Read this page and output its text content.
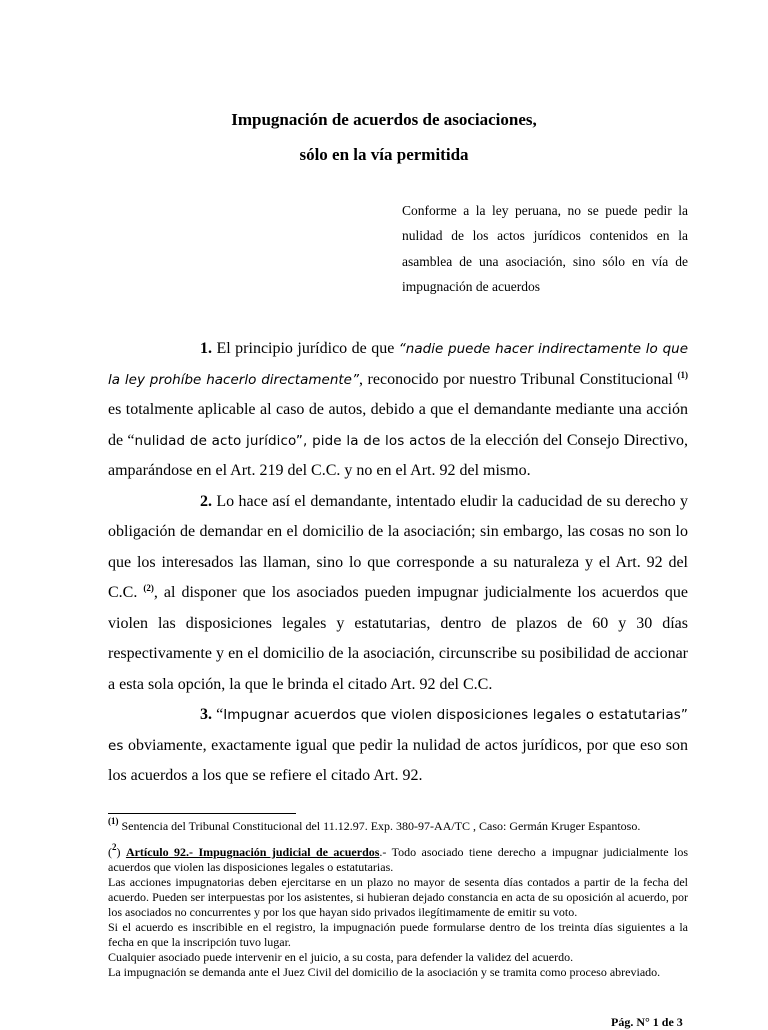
Impugnación de acuerdos de asociaciones,
sólo en la vía permitida
Conforme a la ley peruana, no se puede pedir la nulidad de los actos jurídicos contenidos en la asamblea de una asociación, sino sólo en vía de impugnación de acuerdos

1. El principio jurídico de que “nadie puede hacer indirectamente lo que la ley prohíbe hacerlo directamente”, reconocido por nuestro Tribunal Constitucional $^{(1)}$ es totalmente aplicable al caso de autos, debido a que el demandante mediante una acción de “nulidad de acto jurídico”, pide la de los actos de la elección del Consejo Directivo, amparándose en el Art. 219 del C.C. y no en el Art. 92 del mismo.

2. Lo hace así el demandante, intentado eludir la caducidad de su derecho y obligación de demandar en el domicilio de la asociación; sin embargo, las cosas no son lo que los interesados las llaman, sino lo que corresponde a su naturaleza y el Art. 92 del C.C. $^{(2)}$, al disponer que los asociados pueden impugnar judicialmente los acuerdos que violen las disposiciones legales y estatutarias, dentro de plazos de 60 y 30 días respectivamente y en el domicilio de la asociación, circunscribe su posibilidad de accionar a esta sola opción, la que le brinda el citado Art. 92 del C.C.

3. “Impugnar acuerdos que violen disposiciones legales o estatutarias” es obviamente, exactamente igual que pedir la nulidad de actos jurídicos, por que eso son los acuerdos a los que se refiere el citado Art. 92.

$^{(1)}$ Sentencia del Tribunal Constitucional del 11.12.97. Exp. 380-97-AA/TC , Caso: Germán Kruger Espantoso.
($^2$) Artículo 92.- Impugnación judicial de acuerdos.- Todo asociado tiene derecho a impugnar judicialmente los acuerdos que violen las disposiciones legales o estatutarias.
Las acciones impugnatorias deben ejercitarse en un plazo no mayor de sesenta días contados a partir de la fecha del acuerdo. Pueden ser interpuestas por los asistentes, si hubieran dejado constancia en acta de su oposición al acuerdo, por los asociados no concurrentes y por los que hayan sido privados ilegítimamente de emitir su voto.
Si el acuerdo es inscribible en el registro, la impugnación puede formularse dentro de los treinta días siguientes a la fecha en que la inscripción tuvo lugar.
Cualquier asociado puede intervenir en el juicio, a su costa, para defender la validez del acuerdo.
La impugnación se demanda ante el Juez Civil del domicilio de la asociación y se tramita como proceso abreviado.
Pág. N° 1 de 3
